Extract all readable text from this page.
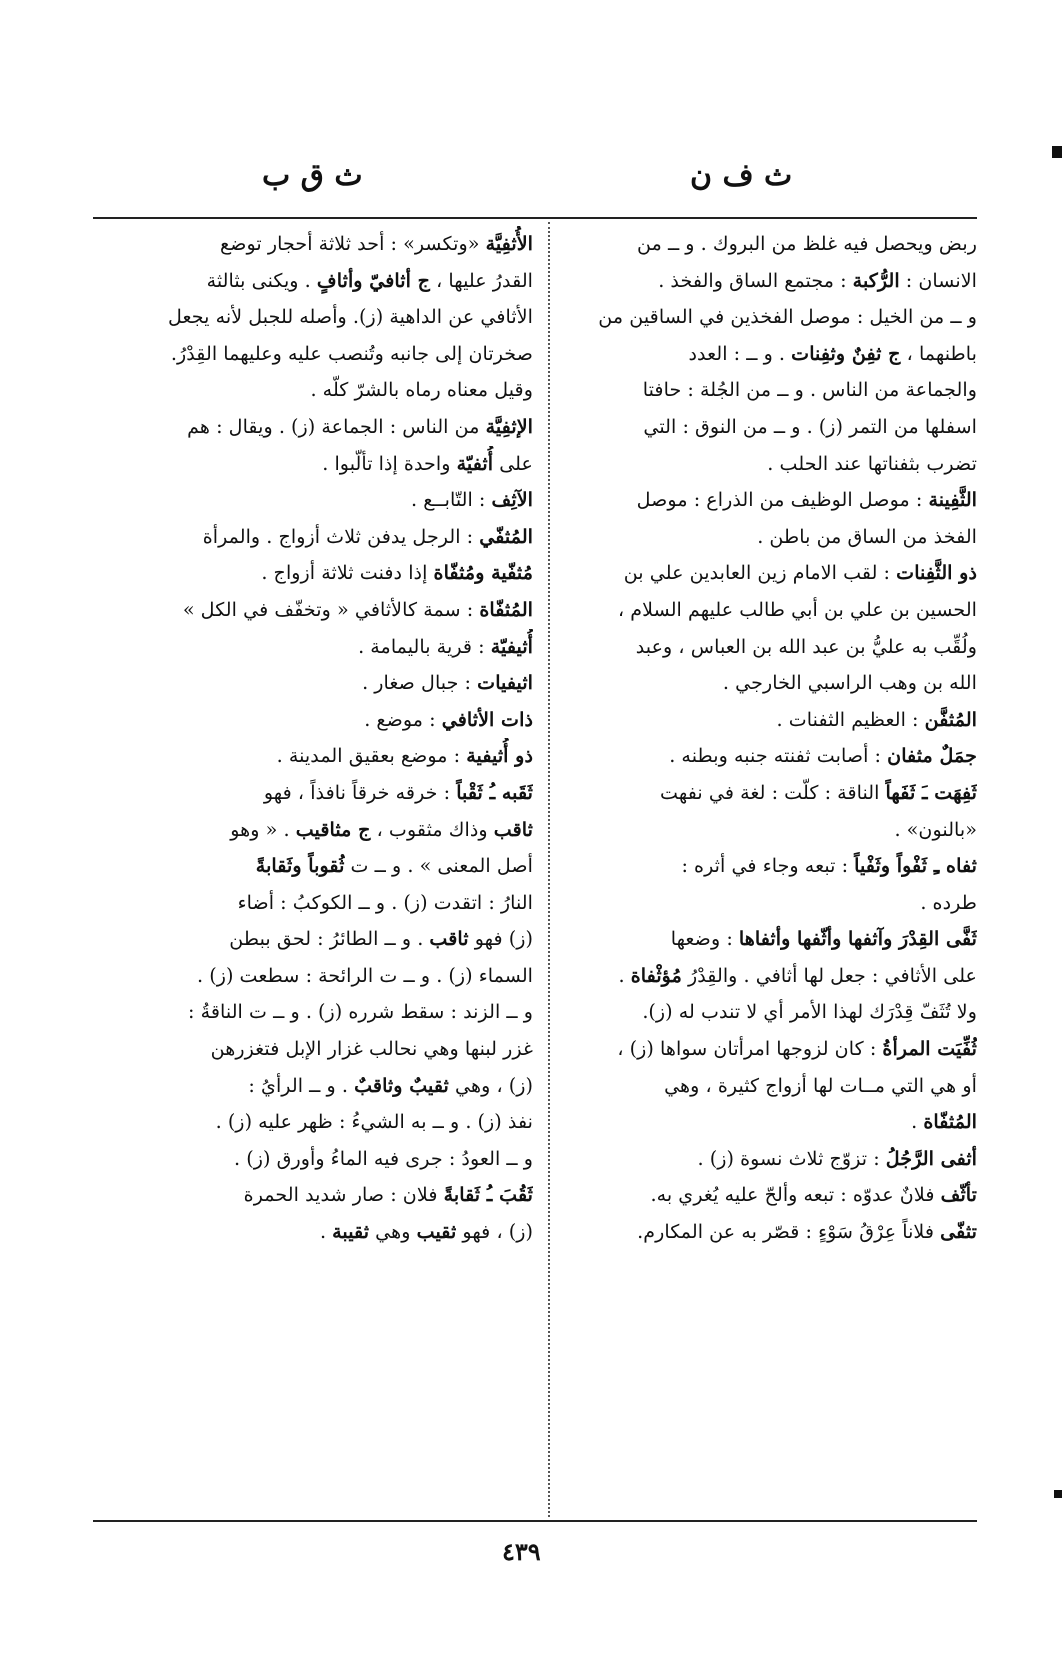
ث ف ن
ث ق ب
ربض ويحصل فيه غلظ من البروك . و ــ من
الانسان : الرُّكبة : مجتمع الساق والفخذ .
و ــ من الخيل : موصل الفخذين في الساقين من
باطنهما ، ج ثفِنٌ وثفِنات . و ــ : العدد
والجماعة من الناس . و ــ من الجُلة : حافتا
اسفلها من التمر (ز) . و ــ من النوق : التي
تضرب بثفناتها عند الحلب .
الثَّفِينة : موصل الوظيف من الذراع : موصل
الفخذ من الساق من باطن .
ذو الثَّفِنات : لقب الامام زين العابدين علي بن
الحسين بن علي بن أبي طالب عليهم السلام ،
ولُقِّب به عليُّ بن عبد الله بن العباس ، وعبد
الله بن وهب الراسبي الخارجي .
المُثفَّن : العظيم الثفنات .
جمَلٌ مثفان : أصابت ثفنته جنبه وبطنه .
ثَفِهَت ـَ ثَفَهاً الناقة : كلّت : لغة في نفهت
«بالنون» .
ثفاه ـِ ثَفْواً وثَفْياً : تبعه وجاء في أثره :
طرده .
ثَفَّى القِدْرَ وآثفها وأثّفها وأثفاها : وضعها
على الأثافي : جعل لها أثافي . والقِدْرُ مُؤثْفاة .
ولا تُثَفّ قِدْرَك لهذا الأمر أي لا تندب له (ز).
ثُفِّيَت المرأةُ : كان لزوجها امرأتان سواها (ز) ،
أو هي التي مــات لها أزواج كثيرة ، وهي
المُثفّاة .
أثفى الرَّجُلُ : تزوّج ثلاث نسوة (ز) .
تأثّف فلانٌ عدوّه : تبعه وألحّ عليه يُغري به.
تثفّى فلاناً عِرْقُ سَوْءٍ : قصّر به عن المكارم.
الأُثفِيَّة «وتكسر» : أحد ثلاثة أحجار توضع
القدرُ عليها ، ج أثافيّ وأثافٍ . ويكنى بثالثة
الأثافي عن الداهية (ز). وأصله للجبل لأنه يجعل
صخرتان إلى جانبه وتُنصب عليه وعليهما القِدْرُ.
وقيل معناه رماه بالشرّ كلّه .
الإثفِيَّة من الناس : الجماعة (ز) . ويقال : هم
على أُثفيّة واحدة إذا تألّبوا .
الآثِف : التّابــع .
المُثفّي : الرجل يدفن ثلاث أزواج . والمرأة
مُثفّية ومُثفّاة إذا دفنت ثلاثة أزواج .
المُثفّاة : سمة كالأثافي « وتخفّف في الكل »
أُثيفيّة : قرية باليمامة .
اثيفيات : جبال صغار .
ذات الأثافي : موضع .
ذو أُثيفية : موضع بعقيق المدينة .
ثَقَبه ـُ ثَقْباً : خرقه خرقاً نافذاً ، فهو
ثاقب وذاك مثقوب ، ج مثاقيب . « وهو
أصل المعنى » . و ــ ت ثُقوباً وثَقابةً
النارُ : اتقدت (ز) . و ــ الكوكبُ : أضاء
(ز) فهو ثاقب . و ــ الطائرُ : لحق ببطن
السماء (ز) . و ــ ت الرائحة : سطعت (ز) .
و ــ الزند : سقط شرره (ز) . و ــ ت الناقةُ :
غزر لبنها وهي نحالب غزار الإبل فتغزرهن
(ز) ، وهي ثقيبٌ وثاقبٌ . و ــ الرأيُ :
نفذ (ز) . و ــ به الشيءُ : ظهر عليه (ز) .
و ــ العودُ : جرى فيه الماءُ وأورق (ز) .
ثَقُبَ ـُ ثَقابةً فلان : صار شديد الحمرة
(ز) ، فهو ثقيب وهي ثقيبة .
٤٣٩
